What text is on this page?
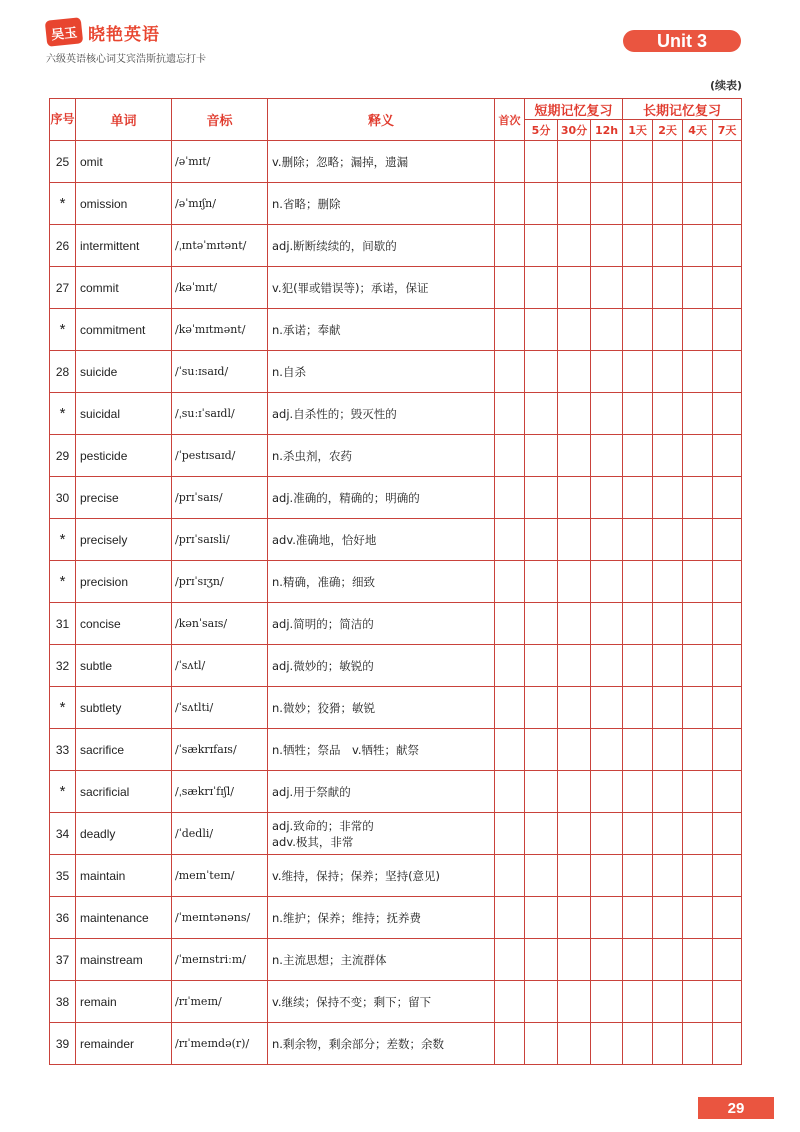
吴玉 晓艳英语
六级英语核心词艾宾浩斯抗遗忘打卡
Unit 3
(续表)
序号	单词	音标	释义	首次	短期记忆复习			长期记忆复习			
					5分	30分	12h	1天	2天	4天	7天
25	omit	/əˈmɪt/	v.删除；忽略；漏掉，遗漏								

*	omission	/əˈmɪʃn/	n.省略；删除								

26	intermittent	/ˌɪntəˈmɪtənt/	adj.断断续续的，间歇的								

27	commit	/kəˈmɪt/	v.犯(罪或错误等)；承诺，保证								

*	commitment	/kəˈmɪtmənt/	n.承诺；奉献								

28	suicide	/ˈsuːɪsaɪd/	n.自杀								

*	suicidal	/ˌsuːɪˈsaɪdl/	adj.自杀性的；毁灭性的								

29	pesticide	/ˈpestɪsaɪd/	n.杀虫剂，农药								

30	precise	/prɪˈsaɪs/	adj.准确的，精确的；明确的								

*	precisely	/prɪˈsaɪsli/	adv.准确地，恰好地								

*	precision	/prɪˈsɪʒn/	n.精确，准确；细致								

31	concise	/kənˈsaɪs/	adj.简明的；简洁的								

32	subtle	/ˈsʌtl/	adj.微妙的；敏锐的								

*	subtlety	/ˈsʌtlti/	n.微妙；狡猾；敏锐								

33	sacrifice	/ˈsækrɪfaɪs/	n.牺牲；祭品　v.牺牲；献祭								

*	sacrificial	/ˌsækrɪˈfɪʃl/	adj.用于祭献的								

34	deadly	/ˈdedli/	adj.致命的；非常的
adv.极其，非常								

35	maintain	/meɪnˈteɪn/	v.维持，保持；保养；坚持(意见)								

36	maintenance	/ˈmeɪntənəns/	n.维护；保养；维持；抚养费								

37	mainstream	/ˈmeɪnstriːm/	n.主流思想；主流群体								

38	remain	/rɪˈmeɪn/	v.继续；保持不变；剩下；留下								

39	remainder	/rɪˈmeɪndə(r)/	n.剩余物，剩余部分；差数；余数								

29
